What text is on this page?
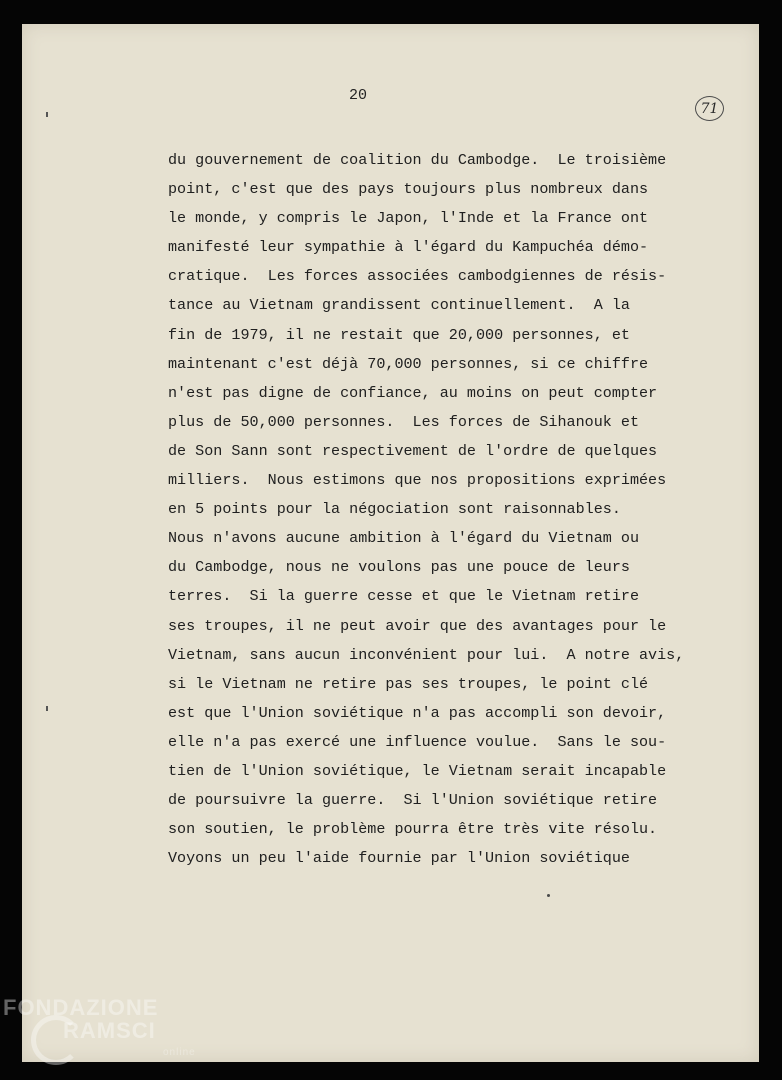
71
20
du gouvernement de coalition du Cambodge.  Le troisième
point, c'est que des pays toujours plus nombreux dans
le monde, y compris le Japon, l'Inde et la France ont
manifesté leur sympathie à l'égard du Kampuchéa démo-
cratique.  Les forces associées cambodgiennes de résis-
tance au Vietnam grandissent continuellement.  A la
fin de 1979, il ne restait que 20,000 personnes, et
maintenant c'est déjà 70,000 personnes, si ce chiffre
n'est pas digne de confiance, au moins on peut compter
plus de 50,000 personnes.  Les forces de Sihanouk et
de Son Sann sont respectivement de l'ordre de quelques
milliers.  Nous estimons que nos propositions exprimées
en 5 points pour la négociation sont raisonnables.
Nous n'avons aucune ambition à l'égard du Vietnam ou
du Cambodge, nous ne voulons pas une pouce de leurs
terres.  Si la guerre cesse et que le Vietnam retire
ses troupes, il ne peut avoir que des avantages pour le
Vietnam, sans aucun inconvénient pour lui.  A notre avis,
si le Vietnam ne retire pas ses troupes, le point clé
est que l'Union soviétique n'a pas accompli son devoir,
elle n'a pas exercé une influence voulue.  Sans le sou-
tien de l'Union soviétique, le Vietnam serait incapable
de poursuivre la guerre.  Si l'Union soviétique retire
son soutien, le problème pourra être très vite résolu.
Voyons un peu l'aide fournie par l'Union soviétique
FONDAZIONE
RAMSCI
online
